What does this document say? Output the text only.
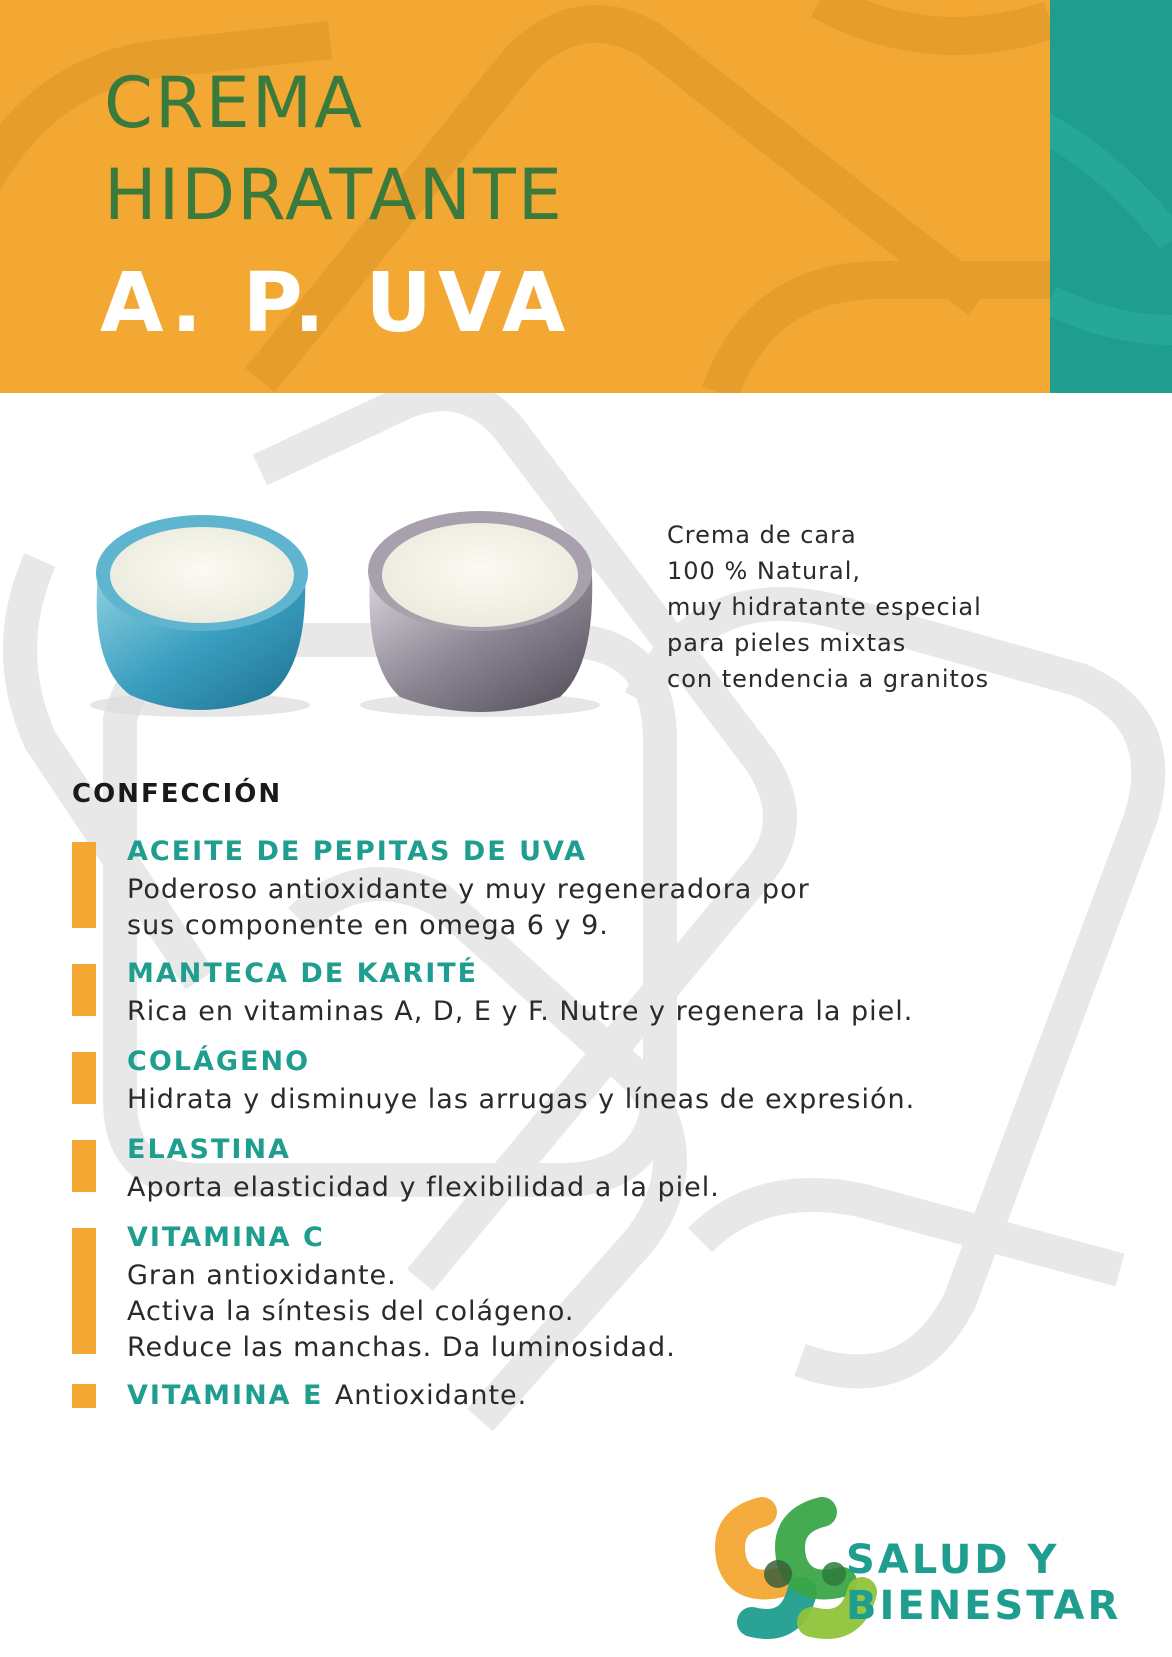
CREMA
HIDRATANTE
A. P. UVA
Crema de cara
100 % Natural,
muy hidratante especial
para pieles mixtas
con tendencia a granitos
CONFECCIÓN
ACEITE DE PEPITAS DE UVA
Poderoso antioxidante y muy regeneradora por
sus componente en omega 6 y 9.
MANTECA DE KARITÉ
Rica en vitaminas A, D, E y F. Nutre y regenera la piel.
COLÁGENO
Hidrata y disminuye las arrugas y líneas de expresión.
ELASTINA
Aporta elasticidad y flexibilidad a la piel.
VITAMINA C
Gran antioxidante.
Activa la síntesis del colágeno.
Reduce las manchas. Da luminosidad.
VITAMINA E Antioxidante.
SALUD Y
BIENESTAR
